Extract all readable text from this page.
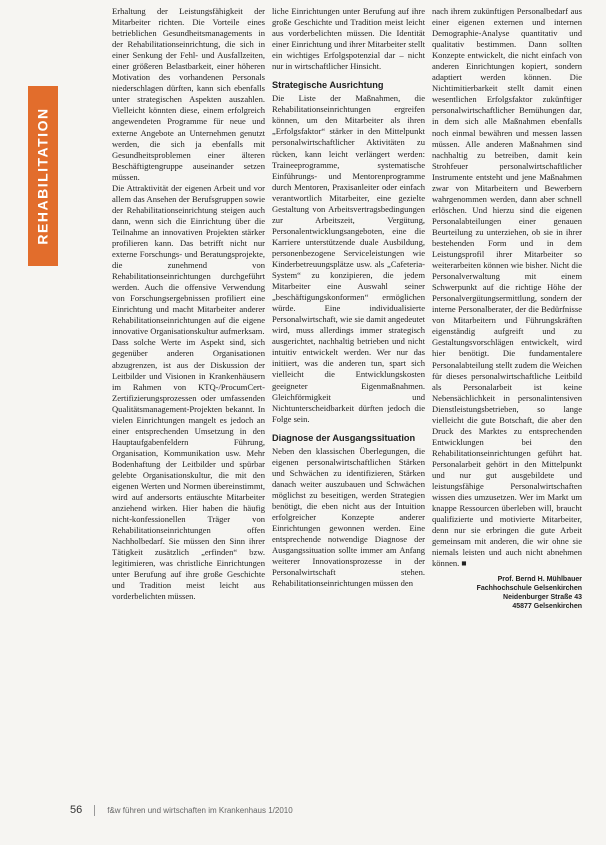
REHABILITATION

Erhaltung der Leistungsfähigkeit der Mitarbeiter richten. Die Vorteile eines betrieblichen Gesundheitsmanagements in der Rehabilitationseinrichtung, die sich in einer Senkung der Fehl- und Ausfallzeiten, einer größeren Belastbarkeit, einer höheren Motivation des vorhandenen Personals niederschlagen dürften, kann sich ebenfalls unter strategischen Aspekten auszahlen. Vielleicht könnten diese, einem erfolgreich angewendeten Programme für neue und externe Angebote an Unternehmen genutzt werden, die sich ja ebenfalls mit Gesundheitsproblemen einer älteren Beschäftigtengruppe auseinander setzen müssen.

Die Attraktivität der eigenen Arbeit und vor allem das Ansehen der Berufsgruppen sowie der Rehabilitationseinrichtung steigen auch dann, wenn sich die Einrichtung über die Teilnahme an innovativen Projekten stärker profilieren kann. Das betrifft nicht nur externe Forschungs- und Beratungsprojekte, die zunehmend von Rehabilitationseinrichtungen durchgeführt werden. Auch die offensive Verwendung von Forschungsergebnissen profiliert eine Einrichtung und macht Mitarbeiter anderer Rehabilitationseinrichtungen auf die eigene innovative Organisationskultur aufmerksam.

Dass solche Werte im Aspekt sind, sich gegenüber anderen Organisationen abzugrenzen, ist aus der Diskussion der Leitbilder und Visionen in Krankenhäusern im Rahmen von KTQ-/ProcumCert-Zertifizierungsprozessen oder umfassenden Qualitätsmanagement-Projekten bekannt. In vielen Einrichtungen mangelt es jedoch an einer entsprechenden Umsetzung in den Hauptaufgabenfeldern Führung, Organisation, Kommunikation usw. Mehr Bodenhaftung der Leitbilder und spürbar gelebte Organisationskultur, die mit den eigenen Werten und Normen übereinstimmt, wird auf andersorts entäuschte Mitarbeiter anziehend wirken. Hier haben die häufig nicht-konfessionellen Träger von Rehabilitationseinrichtungen offen Nachholbedarf. Sie müssen den Sinn ihrer Tätigkeit zusätzlich „erfinden“ bzw. legitimieren, was christliche Einrichtungen unter Berufung auf ihre große Geschichte und Tradition meist leicht aus vorderbelichten müssen.

liche Einrichtungen unter Berufung auf ihre große Geschichte und Tradition meist leicht aus vorderbelichten müssen. Die Identität einer Einrichtung und ihrer Mitarbeiter stellt ein wichtiges Erfolgspotenzial dar – nicht nur in wirtschaftlicher Hinsicht.

Strategische Ausrichtung

Die Liste der Maßnahmen, die Rehabilitationseinrichtungen ergreifen können, um den Mitarbeiter als ihren „Erfolgsfaktor“ stärker in den Mittelpunkt personalwirtschaftlicher Aktivitäten zu rücken, kann leicht verlängert werden: Traineeprogramme, systematische Einführungs- und Mentorenprogramme durch Mentoren, Praxisanleiter oder einfach verantwortlich Mitarbeiter, eine gezielte Gestaltung von Arbeitsvertragsbedingungen zur Arbeitszeit, Vergütung, Personalentwicklungsangeboten, eine die Karriere unterstützende duale Ausbildung, personenbezogene Serviceleistungen wie Kinderbetreuungsplätze usw. als „Cafeteria-System“ zu konzipieren, die jedem Mitarbeiter eine Auswahl seiner „beschäftigungskonformen“ ermöglichen würde. Eine individualisierte Personalwirtschaft, wie sie damit angedeutet wird, muss allerdings immer strategisch ausgerichtet, nachhaltig betrieben und nicht intuitiv entwickelt werden. Wer nur das initiiert, was die anderen tun, spart sich vielleicht die Entwicklungskosten geeigneter Eigenmaßnahmen. Gleichförmigkeit und Nichtunterscheidbarkeit dürften jedoch die Folge sein.

Diagnose der Ausgangssituation

Neben den klassischen Überlegungen, die eigenen personalwirtschaftlichen Stärken und Schwächen zu identifizieren, Stärken danach weiter auszubauen und Schwächen möglichst zu beseitigen, werden Strategien benötigt, die eben nicht aus der Intuition erfolgreicher Konzepte anderer Einrichtungen gewonnen werden. Eine entsprechende notwendige Diagnose der Ausgangssituation sollte immer am Anfang weiterer Innovationsprozesse in der Personalwirtschaft stehen. Rehabilitationseinrichtungen müssen den

nach ihrem zukünftigen Personalbedarf aus einer eigenen externen und internen Demographie-Analyse quantitativ und qualitativ bestimmen. Dann sollten Konzepte entwickelt, die nicht einfach von anderen Einrichtungen kopiert, sondern adaptiert werden können. Die Nichtimitierbarkeit stellt damit einen wesentlichen Erfolgsfaktor zukünftiger personalwirtschaftlicher Bemühungen dar, in dem sich alle Maßnahmen ebenfalls noch einmal bewähren und messen lassen müssen. Alle anderen Maßnahmen sind nachhaltig zu betreiben, damit kein Strohfeuer personalwirtschaftlicher Instrumente entsteht und jene Maßnahmen zwar von Mitarbeitern und Bewerbern wahrgenommen werden, dann aber schnell erlöschen. Und hierzu sind die eigenen Personalabteilungen einer genauen Beurteilung zu unterziehen, ob sie in ihrer bestehenden Form und in dem Leistungsprofil ihrer Mitarbeiter so weiterarbeiten können wie bisher. Nicht die Personalverwaltung mit einem Schwerpunkt auf die richtige Höhe der Personalvergütungsermittlung, sondern der interne Personalberater, der die Bedürfnisse von Mitarbeitern und Führungskräften eigenständig aufgreift und zu Gestaltungsvorschlägen entwickelt, wird hier benötigt. Die fundamentalere Personalabteilung stellt zudem die Weichen für dieses personalwirtschaftliche Leitbild als Personalarbeit ist keine Nebensächlichkeit in personalintensiven Dienstleistungsbetrieben, so lange vielleicht die gute Botschaft, die aber den Druck des Marktes zu entsprechenden Entwicklungen bei den Rehabilitationseinrichtungen geführt hat. Personalarbeit gehört in den Mittelpunkt und nur gut ausgebildete und leistungsfähige Personalwirtschaften wissen dies umzusetzen. Wer im Markt um knappe Ressourcen überleben will, braucht qualifizierte und motivierte Mitarbeiter, denn nur sie erbringen die gute Arbeit gemeinsam mit anderen, die wir ohne sie niemals leisten und auch nicht abnehmen können. ■

Prof. Bernd H. Mühlbauer
Fachhochschule Gelsenkirchen
Neidenburger Straße 43
45877 Gelsenkirchen
56	f&w führen und wirtschaften im Krankenhaus 1/2010
